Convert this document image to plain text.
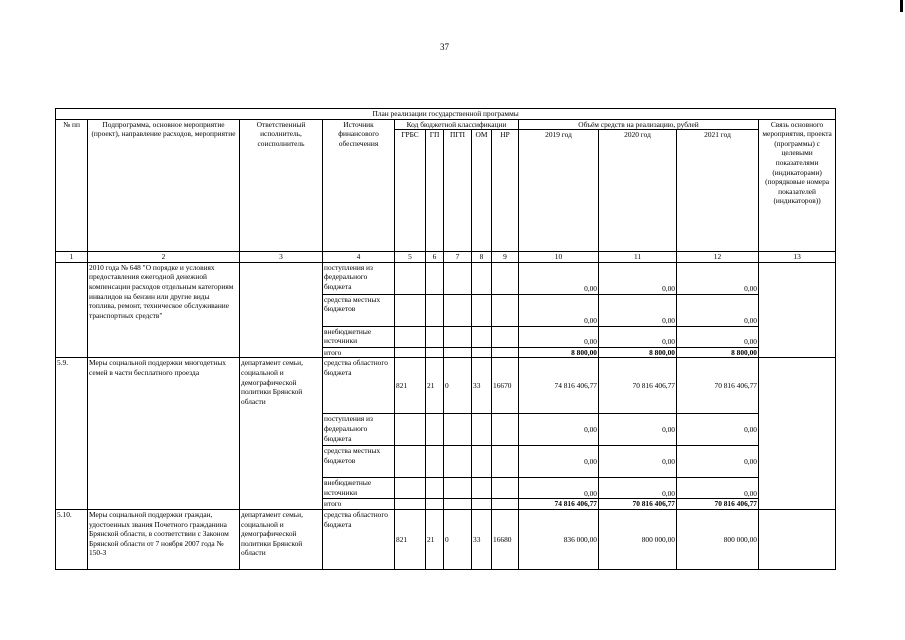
37
План реализации государственной программы												
№ пп	Подпрограмма, основное мероприятие (проект), направление расходов, мероприятие	Ответственный исполнитель, соисполнитель	Источник финансового обеспечения	Код бюджетной классификации					Объём средств на реализацию, рублей			Связь основного мероприятия, проекта (программы) с целевыми показателями (индикаторами) (порядковые номера показателей (индикаторов))
				ГРБС	ГП	ПГП	ОМ	НР	2019 год	2020 год	2021 год	
1	2	3	4	5	6	7	8	9	10	11	12	13
	2010 года № 648 "О порядке и условиях предоставления ежегодной денежной компенсации расходов отдельным категориям инвалидов на бензин или другие виды топлива, ремонт, техническое обслуживание транспортных средств"		поступления из федерального бюджета						0,00	0,00	0,00	
			средства местных бюджетов						0,00	0,00	0,00	
			внебюджетные источники						0,00	0,00	0,00	
			итого						8 800,00	8 800,00	8 800,00	
5.9.	Меры социальной поддержки многодетных семей в части бесплатного проезда	департамент семьи, социальной и демографической политики Брянской области	средства областного бюджета	821	21	0	33	16670	74 816 406,77	70 816 406,77	70 816 406,77	
			поступления из федерального бюджета						0,00	0,00	0,00	
			средства местных бюджетов						0,00	0,00	0,00	
			внебюджетные источники						0,00	0,00	0,00	
			итого						74 816 406,77	70 816 406,77	70 816 406,77	
5.10.	Меры социальной поддержки граждан, удостоенных звания Почетного гражданина Брянской области, в соответствии с Законом Брянской области от 7 ноября 2007 года № 150-З	департамент семьи, социальной и демографической политики Брянской области	средства областного бюджета	821	21	0	33	16680	836 000,00	800 000,00	800 000,00	
